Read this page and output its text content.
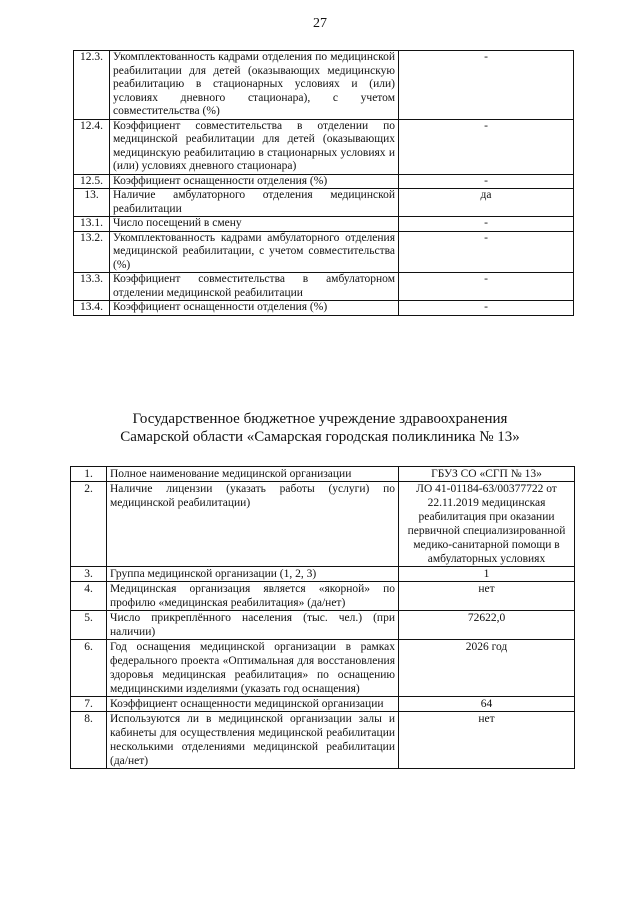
27
12.3.	Укомплектованность кадрами отделения по медицинской реабилитации для детей (оказывающих медицинскую реабилитацию в стационарных условиях и (или) условиях дневного стационара), с учетом совместительства (%)	-
12.4.	Коэффициент совместительства в отделении по медицинской реабилитации для детей (оказывающих медицинскую реабилитацию в стационарных условиях и (или) условиях дневного стационара)	-
12.5.	Коэффициент оснащенности отделения (%)	-
13.	Наличие амбулаторного отделения медицинской реабилитации	да
13.1.	Число посещений в смену	-
13.2.	Укомплектованность кадрами амбулаторного отделения медицинской реабилитации, с учетом совместительства (%)	-
13.3.	Коэффициент совместительства в амбулаторном отделении медицинской реабилитации	-
13.4.	Коэффициент оснащенности отделения (%)	-
Государственное бюджетное учреждение здравоохранения
Самарской области «Самарская городская поликлиника № 13»
1.	Полное наименование медицинской организации	ГБУЗ СО «СГП № 13»
2.	Наличие лицензии (указать работы (услуги) по медицинской реабилитации)	ЛО 41-01184-63/00377722 от 22.11.2019 медицинская реабилитация при оказании первичной специализированной медико-санитарной помощи в амбулаторных условиях
3.	Группа медицинской организации (1, 2, 3)	1
4.	Медицинская организация является «якорной» по профилю «медицинская реабилитация» (да/нет)	нет
5.	Число прикреплённого населения (тыс. чел.) (при наличии)	72622,0
6.	Год оснащения медицинской организации в рамках федерального проекта «Оптимальная для восстановления здоровья медицинская реабилитация» по оснащению медицинскими изделиями (указать год оснащения)	2026 год
7.	Коэффициент оснащенности медицинской организации	64
8.	Используются ли в медицинской организации залы и кабинеты для осуществления медицинской реабилитации несколькими отделениями медицинской реабилитации (да/нет)	нет
